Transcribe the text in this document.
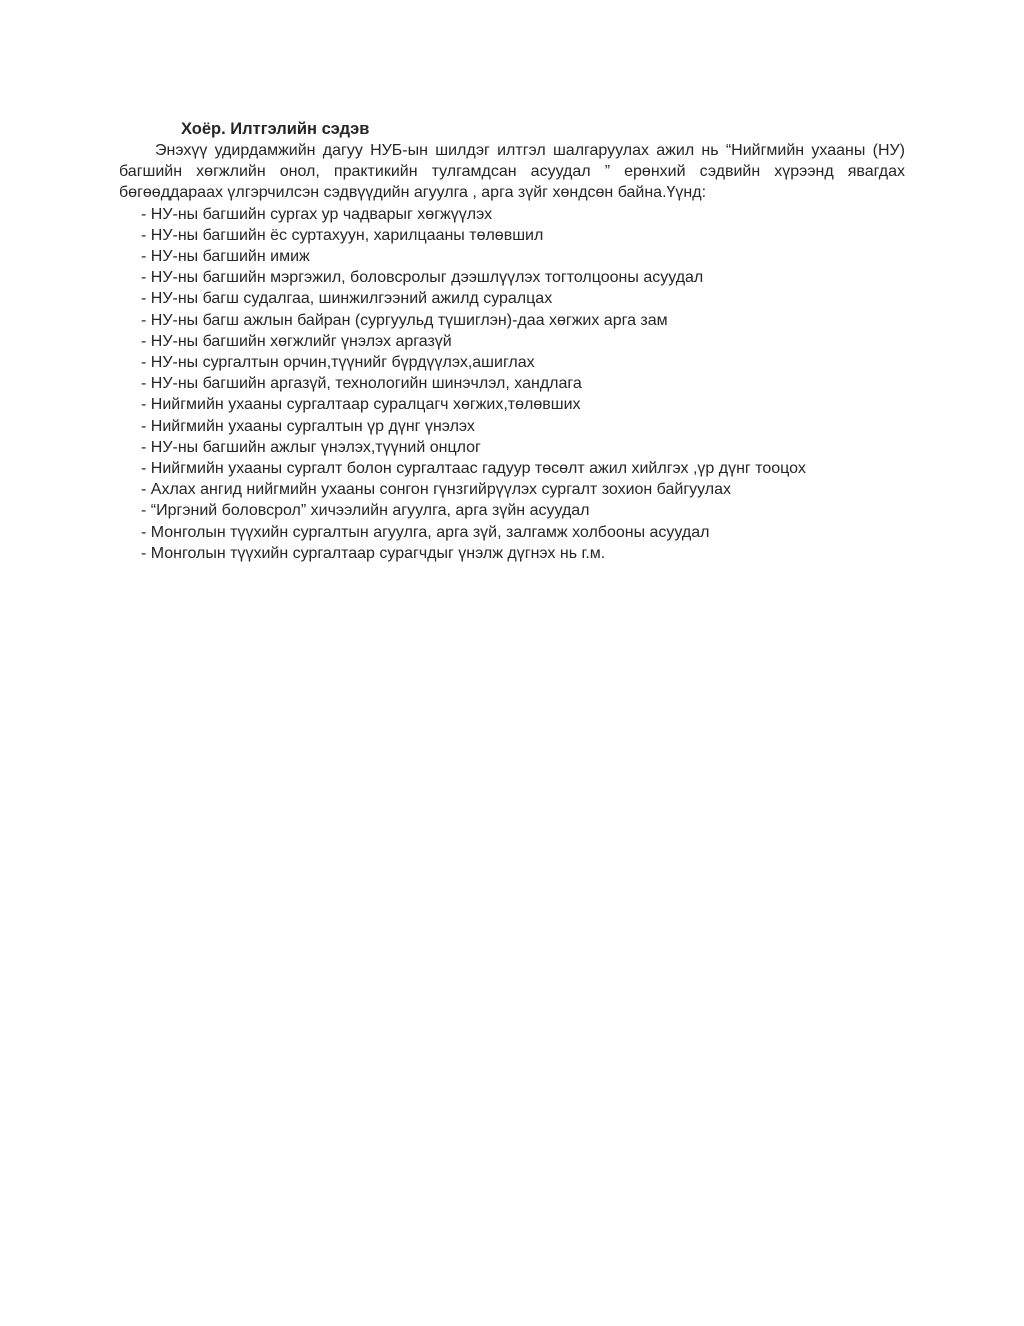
Хоёр. Илтгэлийн сэдэв

Энэхүү удирдамжийн дагуу НУБ-ын шилдэг илтгэл шалгаруулах ажил нь “Нийгмийн ухааны (НУ) багшийн хөгжлийн онол, практикийн тулгамдсан асуудал ” ерөнхий сэдвийн хүрээнд явагдах бөгөөддараах үлгэрчилсэн сэдвүүдийн агуулга , арга зүйг хөндсөн байна.Үүнд:

- НУ-ны багшийн сургах ур чадварыг хөгжүүлэх
- НУ-ны багшийн ёс суртахуун, харилцааны төлөвшил
- НУ-ны багшийн имиж
- НУ-ны багшийн мэргэжил, боловсролыг дээшлүүлэх тогтолцооны асуудал
- НУ-ны багш судалгаа, шинжилгээний ажилд суралцах
- НУ-ны багш ажлын байран (сургуульд түшиглэн)-даа хөгжих арга зам
- НУ-ны багшийн хөгжлийг үнэлэх аргазүй
- НУ-ны сургалтын орчин,түүнийг бүрдүүлэх,ашиглах
- НУ-ны багшийн аргазүй, технологийн шинэчлэл, хандлага
- Нийгмийн ухааны сургалтаар суралцагч хөгжих,төлөвших
- Нийгмийн ухааны сургалтын үр дүнг үнэлэх
- НУ-ны багшийн ажлыг үнэлэх,түүний онцлог
- Нийгмийн ухааны сургалт болон сургалтаас гадуур төсөлт ажил хийлгэх ,үр дүнг тооцох
- Ахлах ангид нийгмийн ухааны сонгон гүнзгийрүүлэх сургалт зохион байгуулах
- “Иргэний боловсрол” хичээлийн агуулга, арга зүйн асуудал
- Монголын түүхийн сургалтын агуулга, арга зүй, залгамж холбооны асуудал
- Монголын түүхийн сургалтаар сурагчдыг үнэлж дүгнэх нь г.м.
